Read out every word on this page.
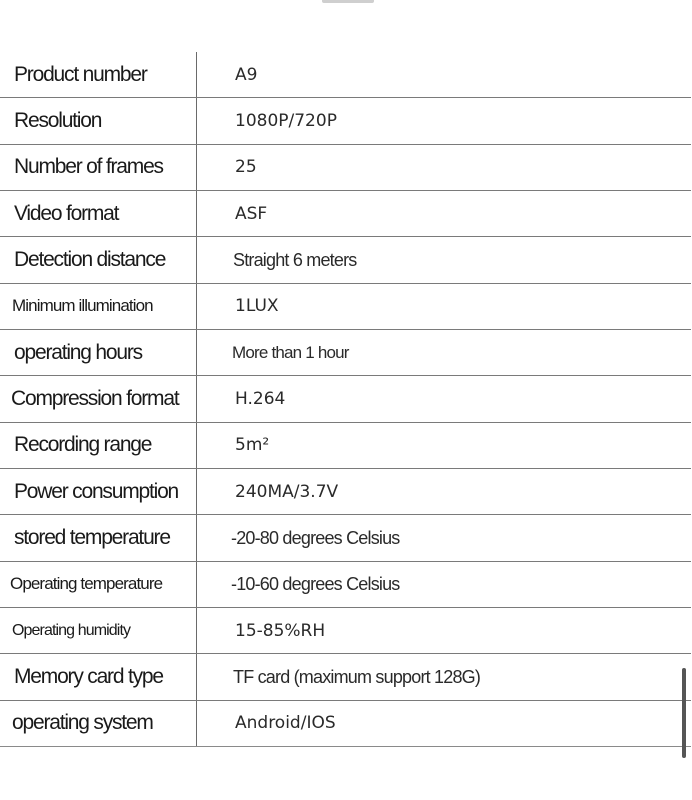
Product number	A9
Resolution	1080P/720P
Number of frames	25
Video format	ASF
Detection distance	Straight 6 meters
Minimum illumination	1LUX
operating hours	More than 1 hour
Compression format	H.264
Recording range	5m²
Power consumption	240MA/3.7V
stored temperature	-20-80 degrees Celsius
Operating temperature	-10-60 degrees Celsius
Operating humidity	15-85%RH
Memory card type	TF card (maximum support 128G)
operating system	Android/IOS
